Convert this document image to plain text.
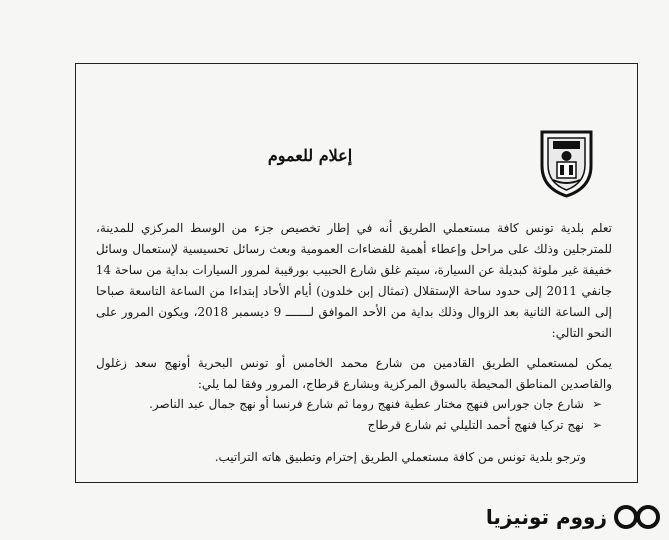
إعلام للعموم
تعلم بلدية تونس كافة مستعملي الطريق أنه في إطار تخصيص جزء من الوسط المركزي للمدينة،
للمترجلين وذلك على مراحل وإعطاء أهمية للفضاءات العمومية وبعث رسائل تحسيسية لإستعمال وسائل
خفيفة غير ملوثة كبديلة عن السيارة، سيتم غلق شارع الحبيب بورقيبة لمرور السيارات بداية من ساحة 14
جانفي 2011 إلى حدود ساحة الإستقلال (تمثال إبن خلدون) أيام الأحاد إبتداءا من الساعة التاسعة صباحا
إلى الساعة الثانية بعد الزوال وذلك بداية من الأحد الموافق لـــــــ 9 ديسمبر 2018، ويكون المرور على
النحو التالي:
يمكن لمستعملي الطريق القادمين من شارع محمد الخامس أو تونس البحرية أونهج سعد زغلول
والقاصدين المناطق المحيطة بالسوق المركزية وبشارع قرطاج، المرور وفقا لما يلي:
➢
شارع جان جوراس فنهج مختار عطية فنهج روما ثم شارع فرنسا أو نهج جمال عبد الناصر.
➢
نهج تركيا فنهج أحمد التليلي ثم شارع قرطاج
وترجو بلدية تونس من كافة مستعملي الطريق إحترام وتطبيق هاته التراتيب.
زووم تونيزيا
